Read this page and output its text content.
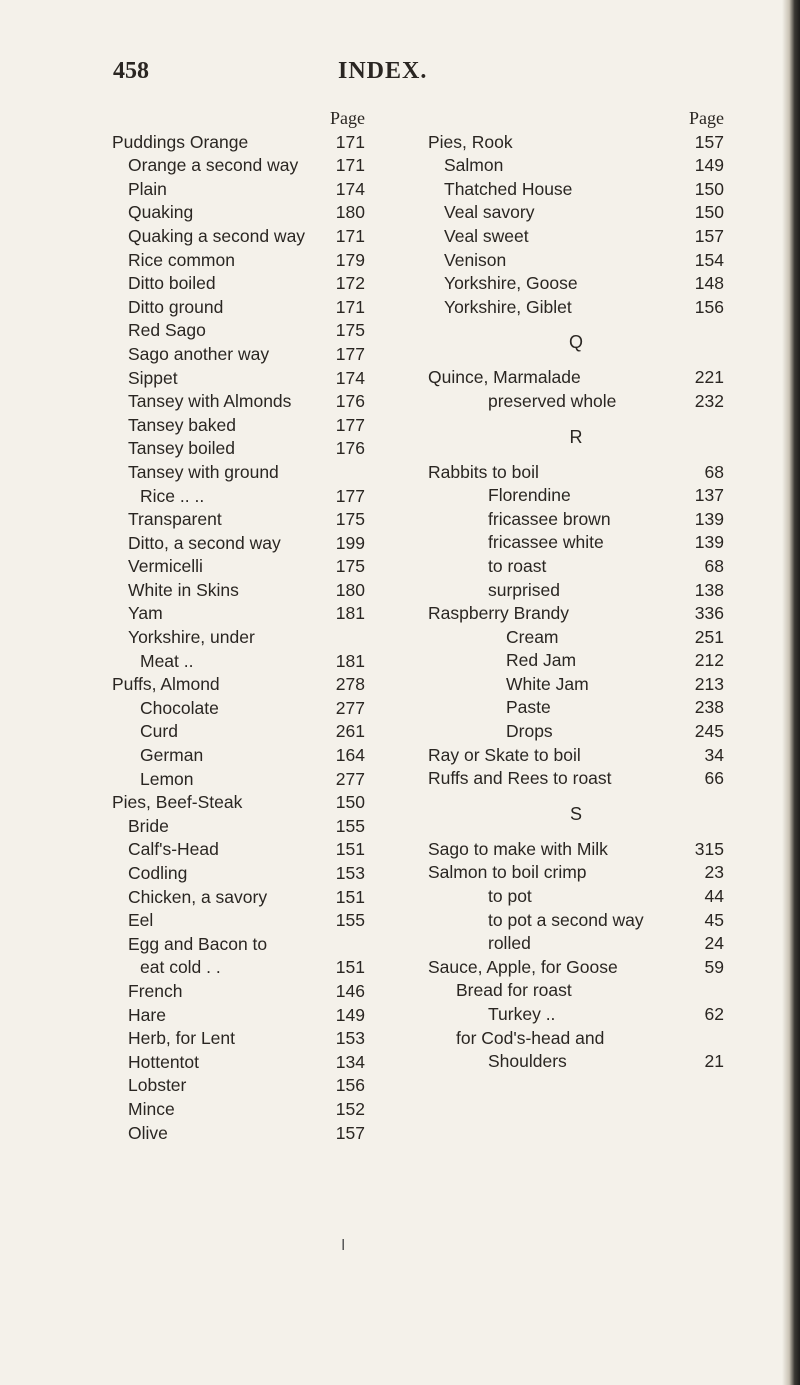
458	INDEX.
Page
Puddings Orange	171
Orange a second way 171
Plain	174
Quaking	180
Quaking a second way 171
Rice common	179
Ditto boiled	172
Ditto ground	171
Red Sago	175
Sago another way	177
Sippet	174
Tansey with Almonds	176
Tansey baked	177
Tansey boiled	176
Tansey with ground
Rice .. ..	177
Transparent	175
Ditto, a second way	199
Vermicelli	175
White in Skins	180
Yam	181
Yorkshire, under
Meat ..	181
Puffs, Almond	278
Chocolate	277
Curd	261
German	164
Lemon	277
Pies, Beef-Steak	150
Bride	155
Calf's-Head	151
Codling	153
Chicken, a savory	151
Eel	155
Egg and Bacon to
eat cold . .	151
French	146
Hare	149
Herb, for Lent	153
Hottentot	134
Lobster	156
Mince	152
Olive	157
Page
Pies, Rook	157
Salmon	149
Thatched House	150
Veal savory	150
Veal sweet	157
Venison	154
Yorkshire, Goose	148
Yorkshire, Giblet	156
Q
Quince, Marmalade	221
preserved whole	232
R
Rabbits to boil	68
Florendine	137
fricassee brown	139
fricassee white	139
to roast	68
surprised	138
Raspberry Brandy	336
Cream	251
Red Jam	212
White Jam	213
Paste	238
Drops	245
Ray or Skate to boil	34
Ruffs and Rees to roast	66
S
Sago to make with Milk	315
Salmon to boil crimp	23
to pot	44
to pot a second way	45
rolled	24
Sauce, Apple, for Goose	59
Bread for roast
Turkey ..	62
for Cod's-head and
Shoulders	21
I
